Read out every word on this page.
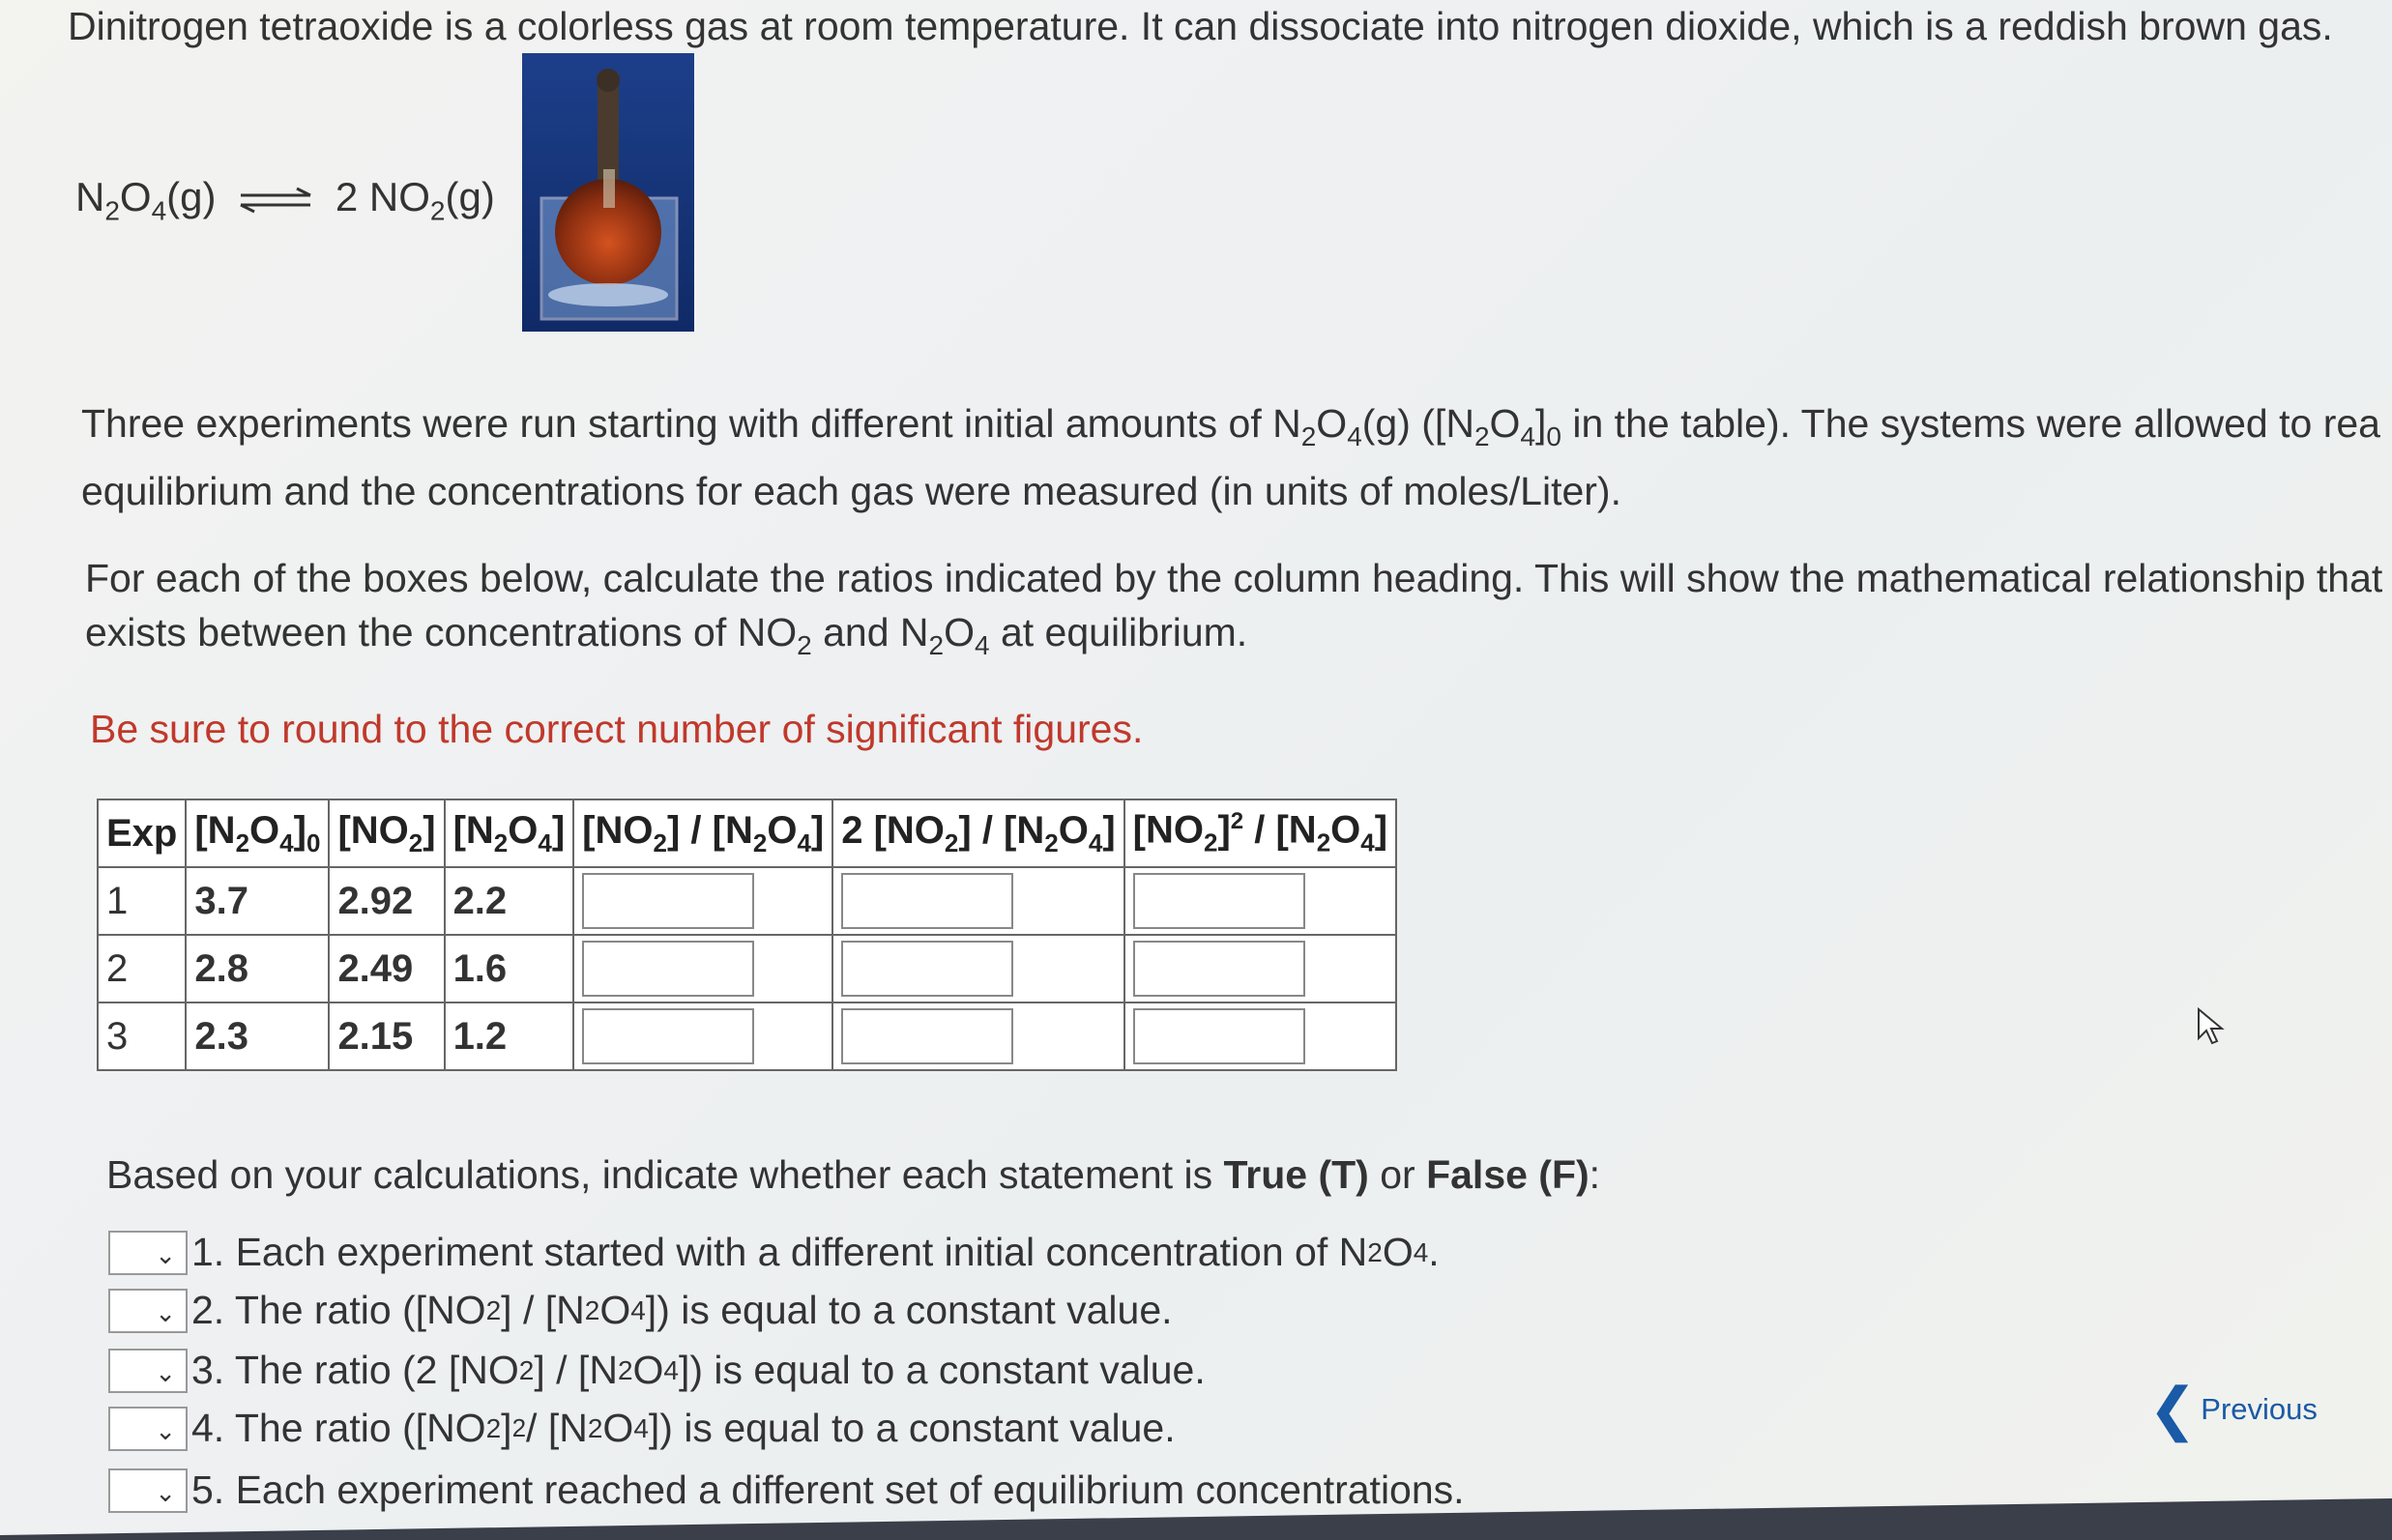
Dinitrogen tetraoxide is a colorless gas at room temperature. It can dissociate into nitrogen dioxide, which is a reddish brown gas.
$N_2O_4(g)$ ⇌ 2 $NO_2(g)$
Three experiments were run starting with different initial amounts of $N_2O_4(g)$ ($[N_2O_4]_0$ in the table). The systems were allowed to rea
equilibrium and the concentrations for each gas were measured (in units of moles/Liter).
For each of the boxes below, calculate the ratios indicated by the column heading. This will show the mathematical relationship that
exists between the concentrations of $NO_2$ and $N_2O_4$ at equilibrium.
Be sure to round to the correct number of significant figures.
Exp	$[N_2O_4]_0$	$[NO_2]$	$[N_2O_4]$	$[NO_2] / [N_2O_4]$	2 $[NO_2] / [N_2O_4]$	$[NO_2]^2 / [N_2O_4]$
1	3.7	2.92	2.2	

2	2.8	2.49	1.6	

3	2.3	2.15	1.2	

Based on your calculations, indicate whether each statement is True (T) or False (F):
⌄ 1. Each experiment started with a different initial concentration of N 2 O 4 .
⌄ 2. The ratio ([NO 2 ] / [N 2 O 4 ]) is equal to a constant value.
⌄ 3. The ratio (2 [NO 2 ] / [N 2 O 4 ]) is equal to a constant value.
⌄ 4. The ratio ([NO 2 ] 2 / [N 2 O 4 ]) is equal to a constant value.
⌄ 5. Each experiment reached a different set of equilibrium concentrations.
❮ Previous
